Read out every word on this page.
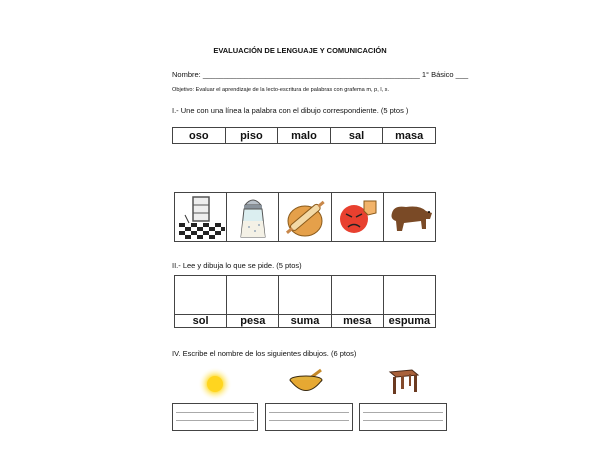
EVALUACIÓN DE LENGUAJE Y COMUNICACIÓN
Nombre: ____________________________________________________ 1° Básico ___
Objetivo: Evaluar el aprendizaje de la lecto-escritura de palabras con grafema m, p, l, s.
I.- Une con una línea la palabra con el dibujo correspondiente. (5 ptos )
oso	piso	malo	sal	masa

II.- Lee y dibuja lo que se pide. (5 ptos)
sol	pesa	suma	mesa	espuma
IV. Escribe el nombre de los siguientes dibujos. (6 ptos)
